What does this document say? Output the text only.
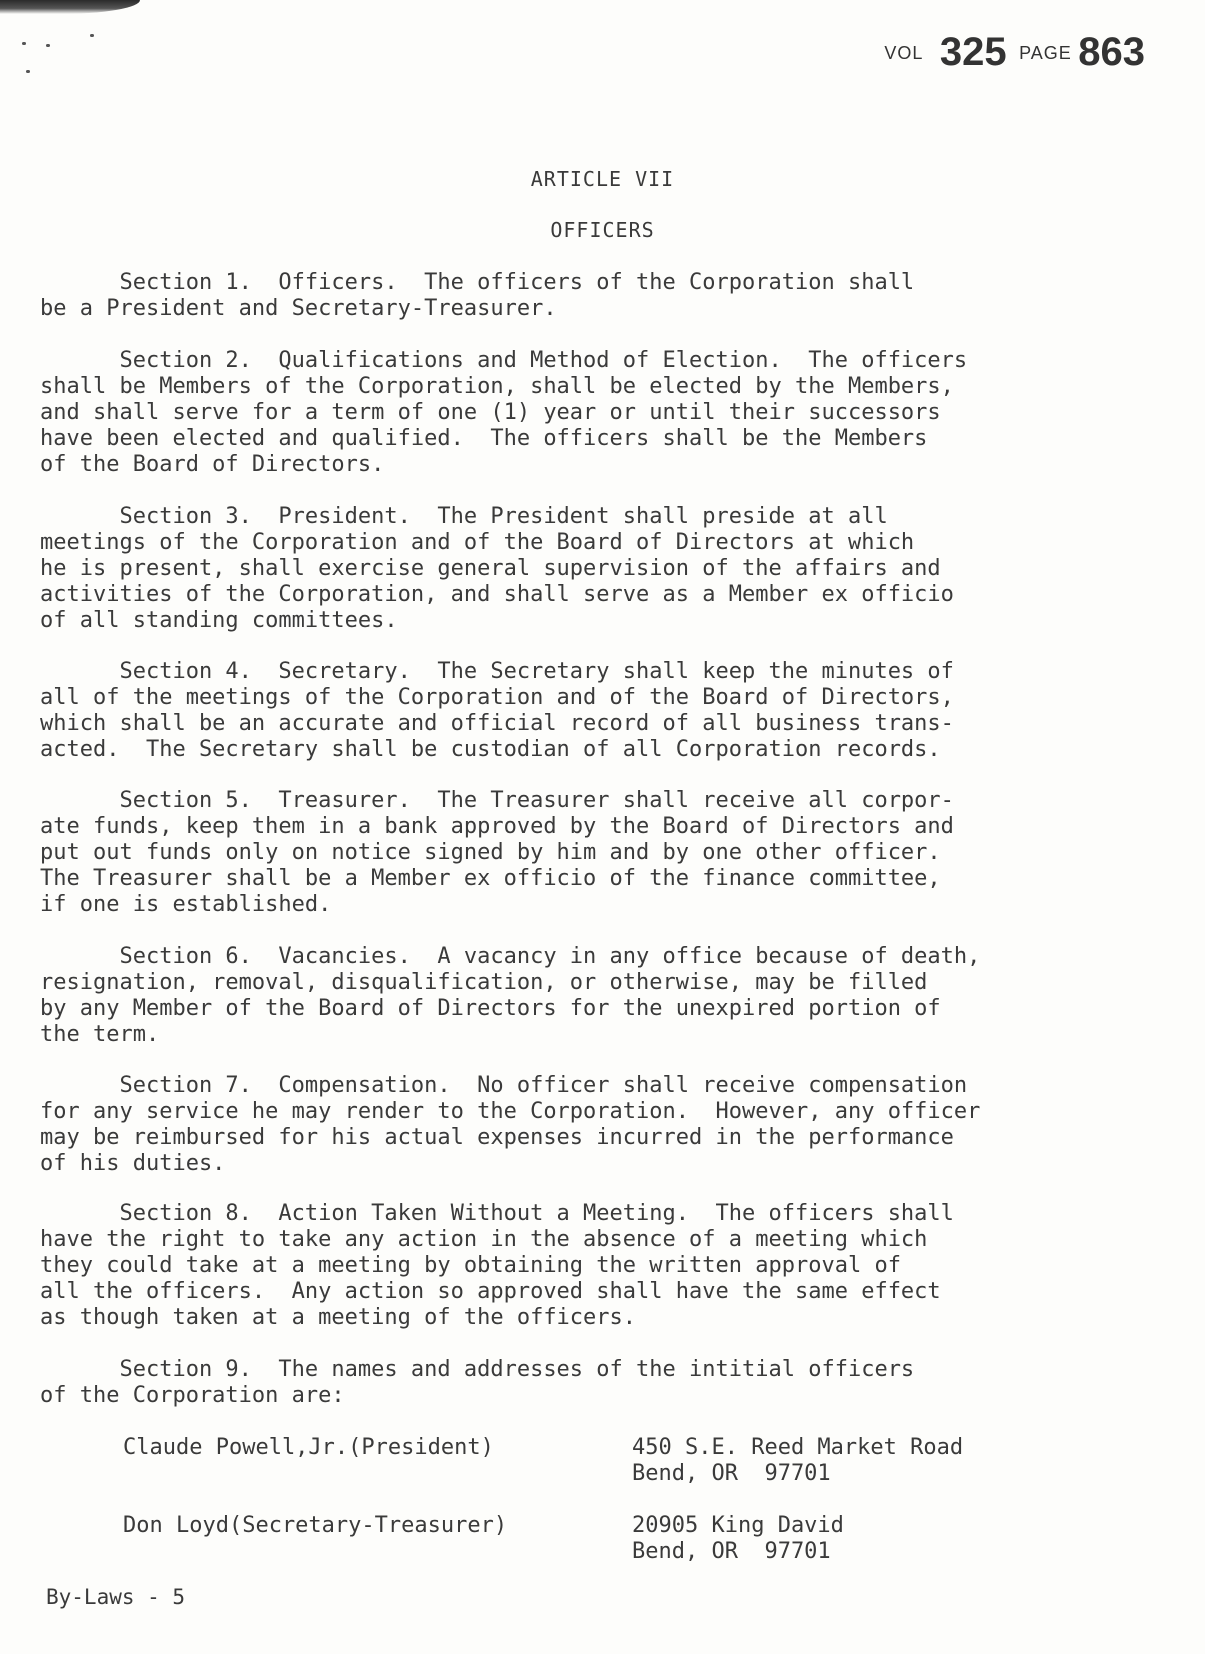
VOL 325 PAGE 863
ARTICLE VII
OFFICERS
Section 1.  Officers.  The officers of the Corporation shall
be a President and Secretary-Treasurer.
Section 2.  Qualifications and Method of Election.  The officers
shall be Members of the Corporation, shall be elected by the Members,
and shall serve for a term of one (1) year or until their successors
have been elected and qualified.  The officers shall be the Members
of the Board of Directors.
Section 3.  President.  The President shall preside at all
meetings of the Corporation and of the Board of Directors at which
he is present, shall exercise general supervision of the affairs and
activities of the Corporation, and shall serve as a Member ex officio
of all standing committees.
Section 4.  Secretary.  The Secretary shall keep the minutes of
all of the meetings of the Corporation and of the Board of Directors,
which shall be an accurate and official record of all business trans-
acted.  The Secretary shall be custodian of all Corporation records.
Section 5.  Treasurer.  The Treasurer shall receive all corpor-
ate funds, keep them in a bank approved by the Board of Directors and
put out funds only on notice signed by him and by one other officer.
The Treasurer shall be a Member ex officio of the finance committee,
if one is established.
Section 6.  Vacancies.  A vacancy in any office because of death,
resignation, removal, disqualification, or otherwise, may be filled
by any Member of the Board of Directors for the unexpired portion of
the term.
Section 7.  Compensation.  No officer shall receive compensation
for any service he may render to the Corporation.  However, any officer
may be reimbursed for his actual expenses incurred in the performance
of his duties.
Section 8.  Action Taken Without a Meeting.  The officers shall
have the right to take any action in the absence of a meeting which
they could take at a meeting by obtaining the written approval of
all the officers.  Any action so approved shall have the same effect
as though taken at a meeting of the officers.
Section 9.  The names and addresses of the intitial officers
of the Corporation are:
Claude Powell,Jr.(President)	450 S.E. Reed Market Road
Bend, OR  97701
Don Loyd(Secretary-Treasurer)	20905 King David
Bend, OR  97701
By-Laws - 5
